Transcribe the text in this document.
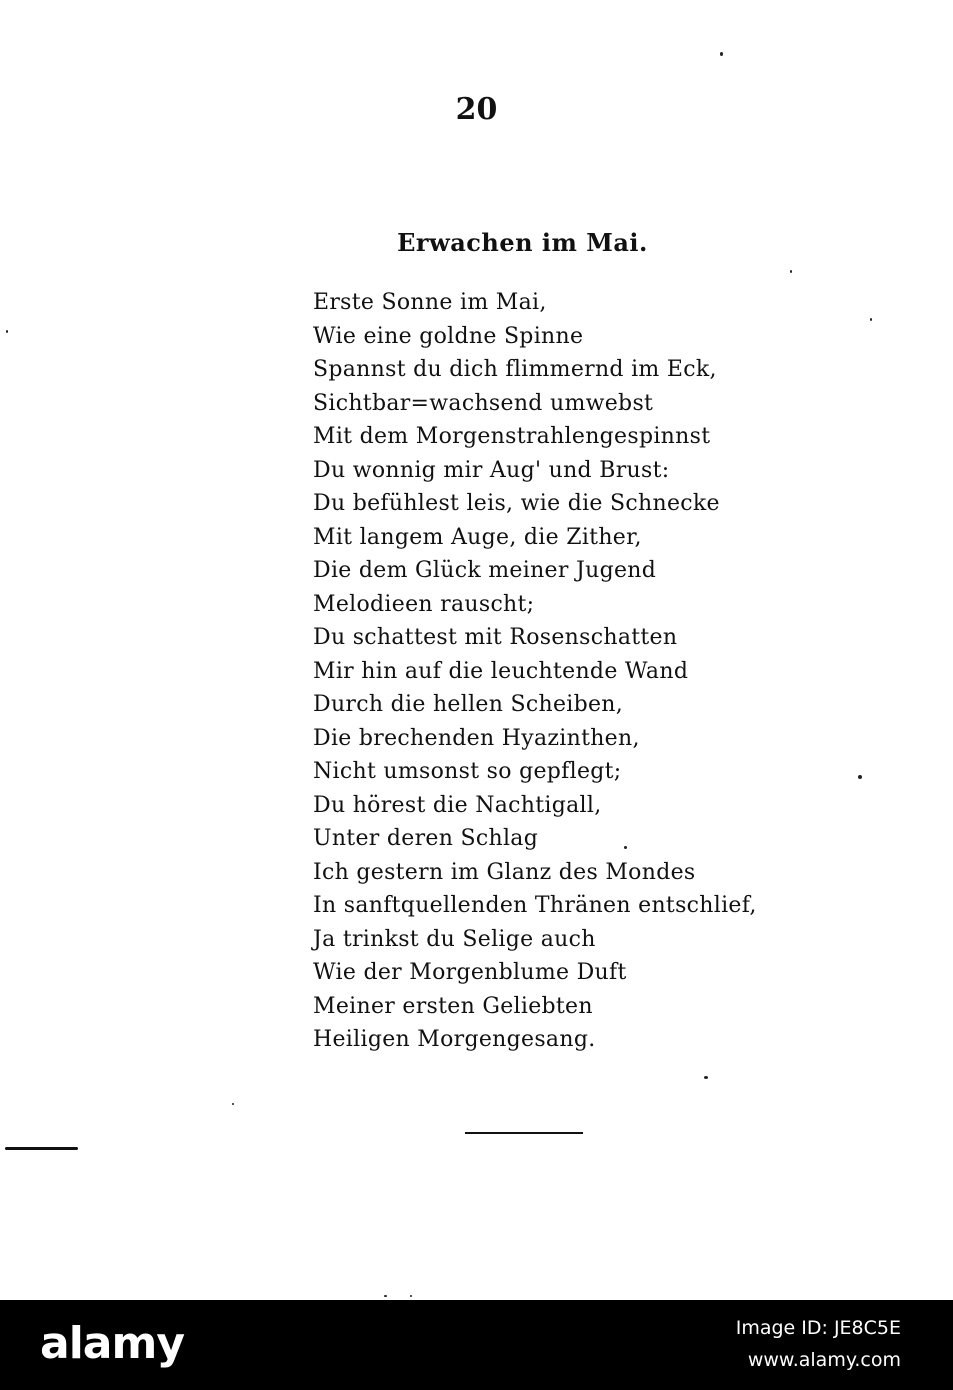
20
Erwachen im Mai.
Erste Sonne im Mai,
Wie eine goldne Spinne
Spannst du dich flimmernd im Eck,
Sichtbar=wachsend umwebst
Mit dem Morgenstrahlengespinnst
Du wonnig mir Aug' und Brust:
Du befühlest leis, wie die Schnecke
Mit langem Auge, die Zither,
Die dem Glück meiner Jugend
Melodieen rauscht;
Du schattest mit Rosenschatten
Mir hin auf die leuchtende Wand
Durch die hellen Scheiben,
Die brechenden Hyazinthen,
Nicht umsonst so gepflegt;
Du hörest die Nachtigall,
Unter deren Schlag
Ich gestern im Glanz des Mondes
In sanftquellenden Thränen entschlief,
Ja trinkst du Selige auch
Wie der Morgenblume Duft
Meiner ersten Geliebten
Heiligen Morgengesang.
alamy	Image ID: JE8C5E
www.alamy.com
